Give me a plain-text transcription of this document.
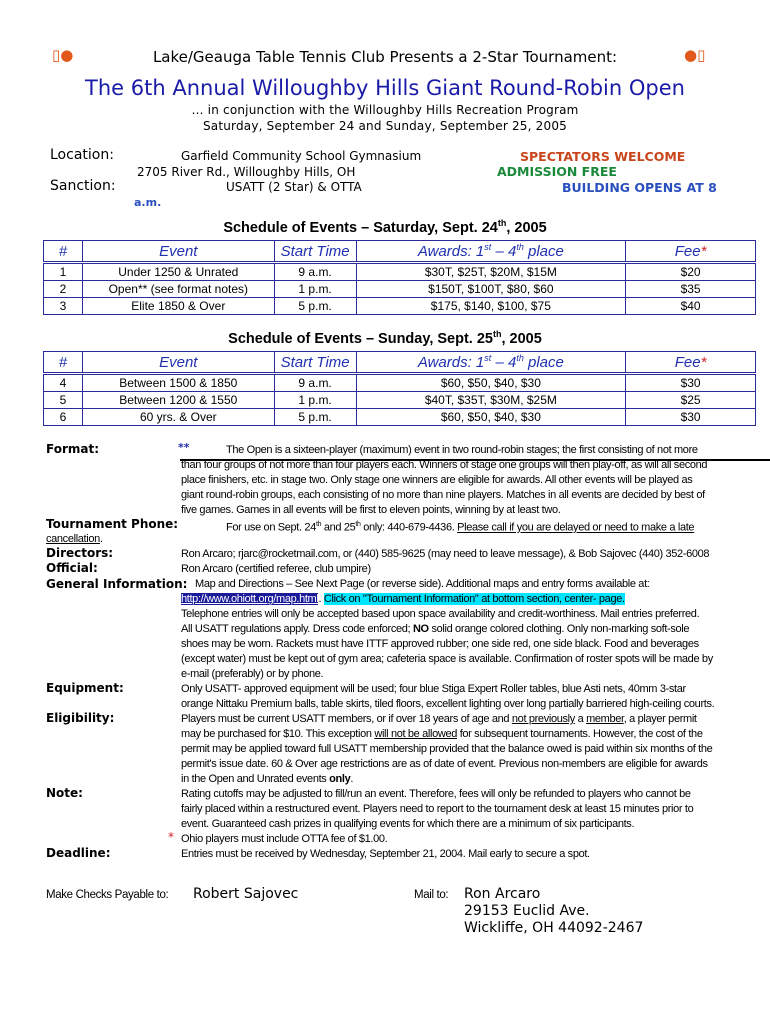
▯●	Lake/Geauga Table Tennis Club Presents a 2-Star Tournament:	●▯
The 6th Annual Willoughby Hills Giant Round-Robin Open
… in conjunction with the Willoughby Hills Recreation Program
Saturday, September 24 and Sunday, September 25, 2005
Location:	Garfield Community School Gymnasium
2705 River Rd., Willoughby Hills, OH
Sanction:	USATT (2 Star) & OTTA
SPECTATORS WELCOME
ADMISSION FREE
BUILDING OPENS AT 8
a.m.
Schedule of Events – Saturday, Sept. 24th, 2005
#	Event	Start Time	Awards: 1st – 4th place	Fee*
1	Under 1250 & Unrated	9 a.m.	$30T, $25T, $20M, $15M	$20
2	Open** (see format notes)	1 p.m.	$150T, $100T, $80, $60	$35
3	Elite 1850 & Over	5 p.m.	$175, $140, $100, $75	$40
Schedule of Events – Sunday, Sept. 25th, 2005
#	Event	Start Time	Awards: 1st – 4th place	Fee*
4	Between 1500 & 1850	9 a.m.	$60, $50, $40, $30	$30
5	Between 1200 & 1550	1 p.m.	$40T, $35T, $30M, $25M	$25
6	60 yrs. & Over	5 p.m.	$60, $50, $40, $30	$30
Format:	**	The Open is a sixteen-player (maximum) event in two round-robin stages; the first consisting of not more
than four groups of not more than four players each. Winners of stage one groups will then play-off, as will all second
place finishers, etc. in stage two. Only stage one winners are eligible for awards. All other events will be played as
giant round-robin groups, each consisting of no more than nine players. Matches in all events are decided by best of
five games. Games in all events will be first to eleven points, winning by at least two.
Tournament Phone:	For use on Sept. 24th and 25th only: 440-679-4436. Please call if you are delayed or need to make a late
cancellation.
Directors:	Ron Arcaro; rjarc@rocketmail.com, or (440) 585-9625 (may need to leave message), & Bob Sajovec (440) 352-6008
Official:	Ron Arcaro (certified referee, club umpire)
General Information: Map and Directions – See Next Page (or reverse side). Additional maps and entry forms available at:
http://www.ohiott.org/map.html. Click on "Tournament Information" at bottom section, center- page.
Telephone entries will only be accepted based upon space availability and credit-worthiness. Mail entries preferred.
All USATT regulations apply. Dress code enforced; NO solid orange colored clothing. Only non-marking soft-sole
shoes may be worn. Rackets must have ITTF approved rubber; one side red, one side black. Food and beverages
(except water) must be kept out of gym area; cafeteria space is available. Confirmation of roster spots will be made by
e-mail (preferably) or by phone.
Equipment:	Only USATT- approved equipment will be used; four blue Stiga Expert Roller tables, blue Asti nets, 40mm 3-star
orange Nittaku Premium balls, table skirts, tiled floors, excellent lighting over long partially barriered high-ceiling courts.
Eligibility:	Players must be current USATT members, or if over 18 years of age and not previously a member, a player permit
may be purchased for $10. This exception will not be allowed for subsequent tournaments. However, the cost of the
permit may be applied toward full USATT membership provided that the balance owed is paid within six months of the
permit's issue date. 60 & Over age restrictions are as of date of event. Previous non-members are eligible for awards
in the Open and Unrated events only.
Note:	Rating cutoffs may be adjusted to fill/run an event. Therefore, fees will only be refunded to players who cannot be
fairly placed within a restructured event. Players need to report to the tournament desk at least 15 minutes prior to
event. Guaranteed cash prizes in qualifying events for which there are a minimum of six participants.
* Ohio players must include OTTA fee of $1.00.
Deadline:	Entries must be received by Wednesday, September 21, 2004. Mail early to secure a spot.
Make Checks Payable to: Robert Sajovec	Mail to: Ron Arcaro
29153 Euclid Ave.
Wickliffe, OH 44092-2467
